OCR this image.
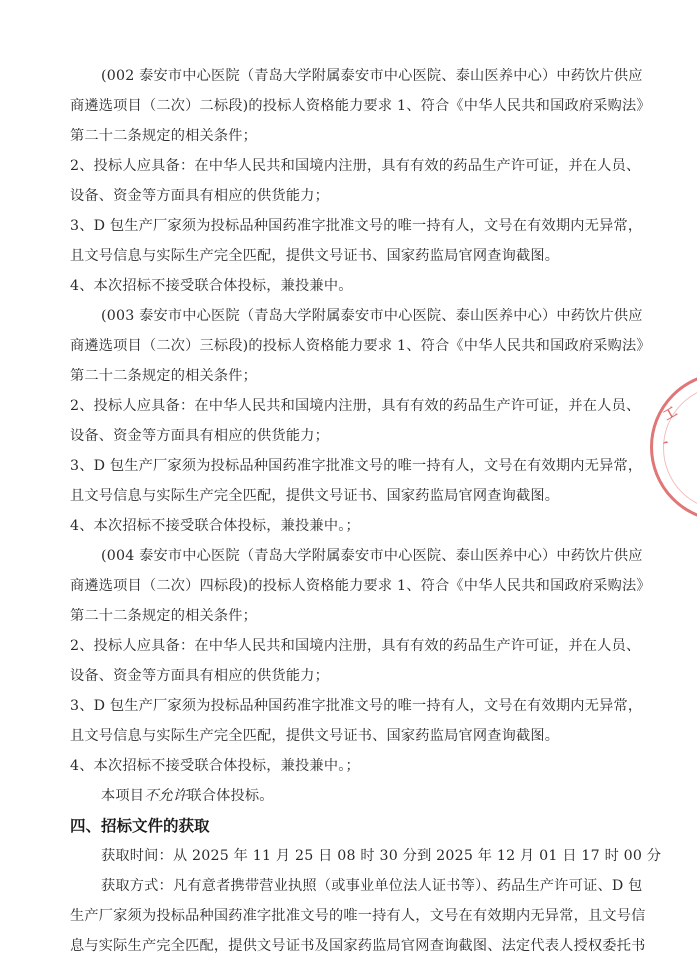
(002 泰安市中心医院（青岛大学附属泰安市中心医院、泰山医养中心）中药饮片供应
商遴选项目（二次）二标段)的投标人资格能力要求 1、符合《中华人民共和国政府采购法》
第二十二条规定的相关条件；
2、投标人应具备：在中华人民共和国境内注册，具有有效的药品生产许可证，并在人员、
设备、资金等方面具有相应的供货能力；
3、D 包生产厂家须为投标品种国药准字批准文号的唯一持有人，文号在有效期内无异常，
且文号信息与实际生产完全匹配，提供文号证书、国家药监局官网查询截图。
4、本次招标不接受联合体投标，兼投兼中。
(003 泰安市中心医院（青岛大学附属泰安市中心医院、泰山医养中心）中药饮片供应
商遴选项目（二次）三标段)的投标人资格能力要求 1、符合《中华人民共和国政府采购法》
第二十二条规定的相关条件；
2、投标人应具备：在中华人民共和国境内注册，具有有效的药品生产许可证，并在人员、
设备、资金等方面具有相应的供货能力；
3、D 包生产厂家须为投标品种国药准字批准文号的唯一持有人，文号在有效期内无异常，
且文号信息与实际生产完全匹配，提供文号证书、国家药监局官网查询截图。
4、本次招标不接受联合体投标，兼投兼中。；
(004 泰安市中心医院（青岛大学附属泰安市中心医院、泰山医养中心）中药饮片供应
商遴选项目（二次）四标段)的投标人资格能力要求 1、符合《中华人民共和国政府采购法》
第二十二条规定的相关条件；
2、投标人应具备：在中华人民共和国境内注册，具有有效的药品生产许可证，并在人员、
设备、资金等方面具有相应的供货能力；
3、D 包生产厂家须为投标品种国药准字批准文号的唯一持有人，文号在有效期内无异常，
且文号信息与实际生产完全匹配，提供文号证书、国家药监局官网查询截图。
4、本次招标不接受联合体投标，兼投兼中。；
本项目不允许联合体投标。
四、招标文件的获取
获取时间：从 2025 年 11 月 25 日 08 时 30 分到 2025 年 12 月 01 日 17 时 00 分
获取方式：凡有意者携带营业执照（或事业单位法人证书等）、药品生产许可证、D 包
生产厂家须为投标品种国药准字批准文号的唯一持有人，文号在有效期内无异常，且文号信
息与实际生产完全匹配，提供文号证书及国家药监局官网查询截图、法定代表人授权委托书
工
、
90
